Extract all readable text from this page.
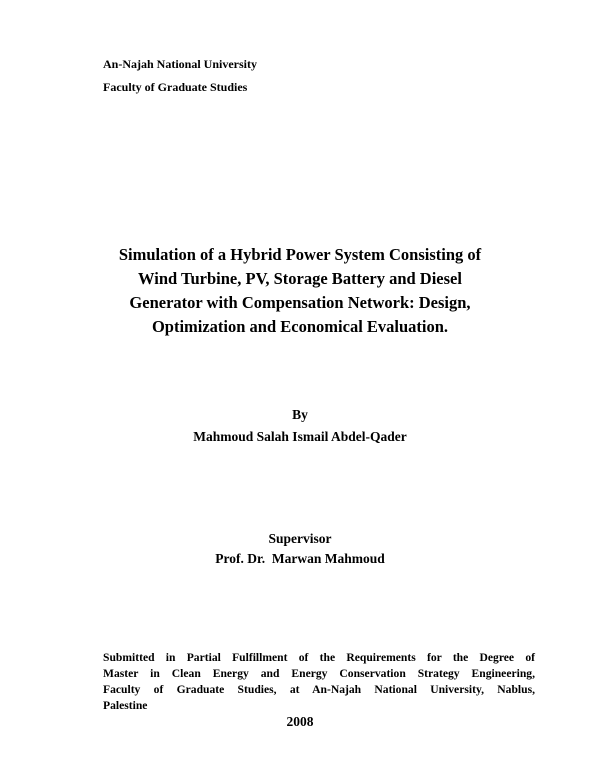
An-Najah National University
Faculty of Graduate Studies
Simulation of a Hybrid Power System Consisting of
Wind Turbine, PV, Storage Battery and Diesel
Generator with Compensation Network: Design,
Optimization and Economical Evaluation.
By
Mahmoud Salah Ismail Abdel-Qader
Supervisor
Prof. Dr.  Marwan Mahmoud
Submitted in Partial Fulfillment of the Requirements for the Degree of
Master in Clean Energy and Energy Conservation Strategy Engineering,
Faculty of Graduate Studies, at An-Najah National University, Nablus,
Palestine
2008
